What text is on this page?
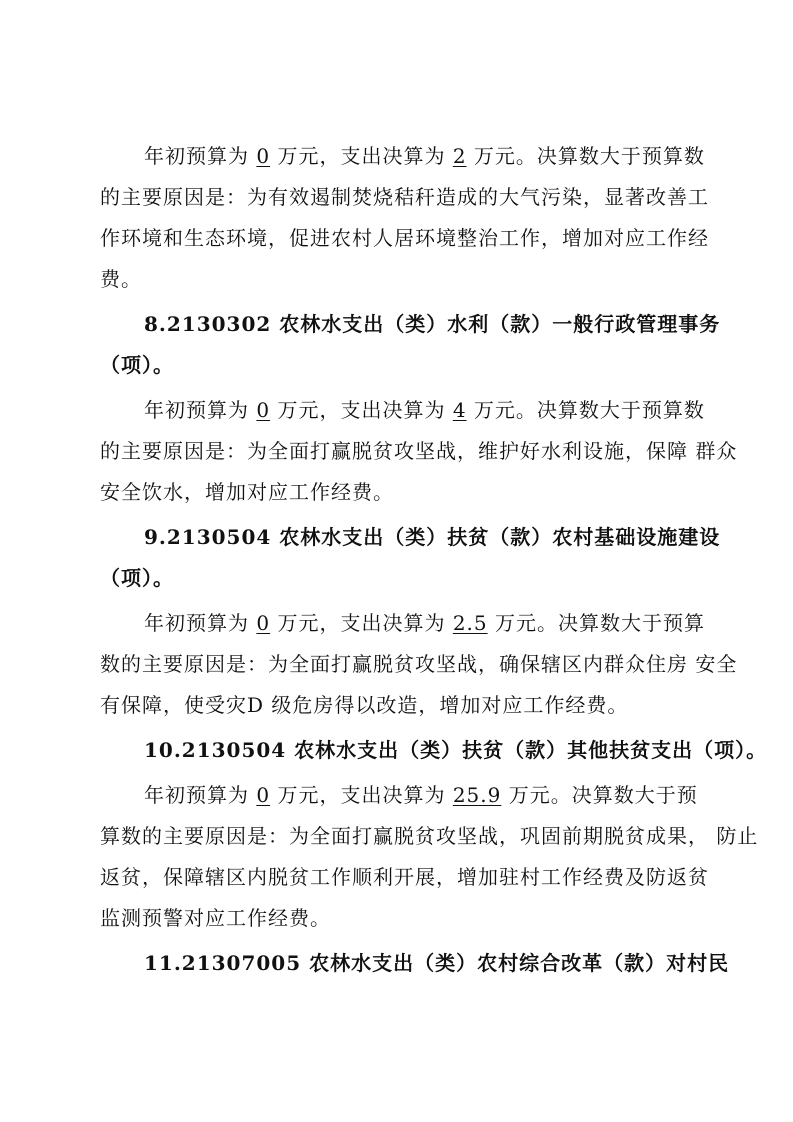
年初预算为 0 万元，支出决算为 2 万元。决算数大于预算数
的主要原因是：为有效遏制焚烧秸秆造成的大气污染，显著改善工
作环境和生态环境，促进农村人居环境整治工作，增加对应工作经
费。
8.2130302 农林水支出（类）水利（款）一般行政管理事务
（项）。
年初预算为 0 万元，支出决算为 4 万元。决算数大于预算数
的主要原因是：为全面打赢脱贫攻坚战，维护好水利设施，保障 群众
安全饮水，增加对应工作经费。
9.2130504 农林水支出（类）扶贫（款）农村基础设施建设
（项）。
年初预算为 0 万元，支出决算为 2.5 万元。决算数大于预算
数的主要原因是：为全面打赢脱贫攻坚战，确保辖区内群众住房 安全
有保障，使受灾D 级危房得以改造，增加对应工作经费。
10.2130504 农林水支出（类）扶贫（款）其他扶贫支出（项）。
年初预算为 0 万元，支出决算为 25.9 万元。决算数大于预
算数的主要原因是：为全面打赢脱贫攻坚战，巩固前期脱贫成果， 防止
返贫，保障辖区内脱贫工作顺利开展，增加驻村工作经费及防返贫
监测预警对应工作经费。
11.21307005 农林水支出（类）农村综合改革（款）对村民
